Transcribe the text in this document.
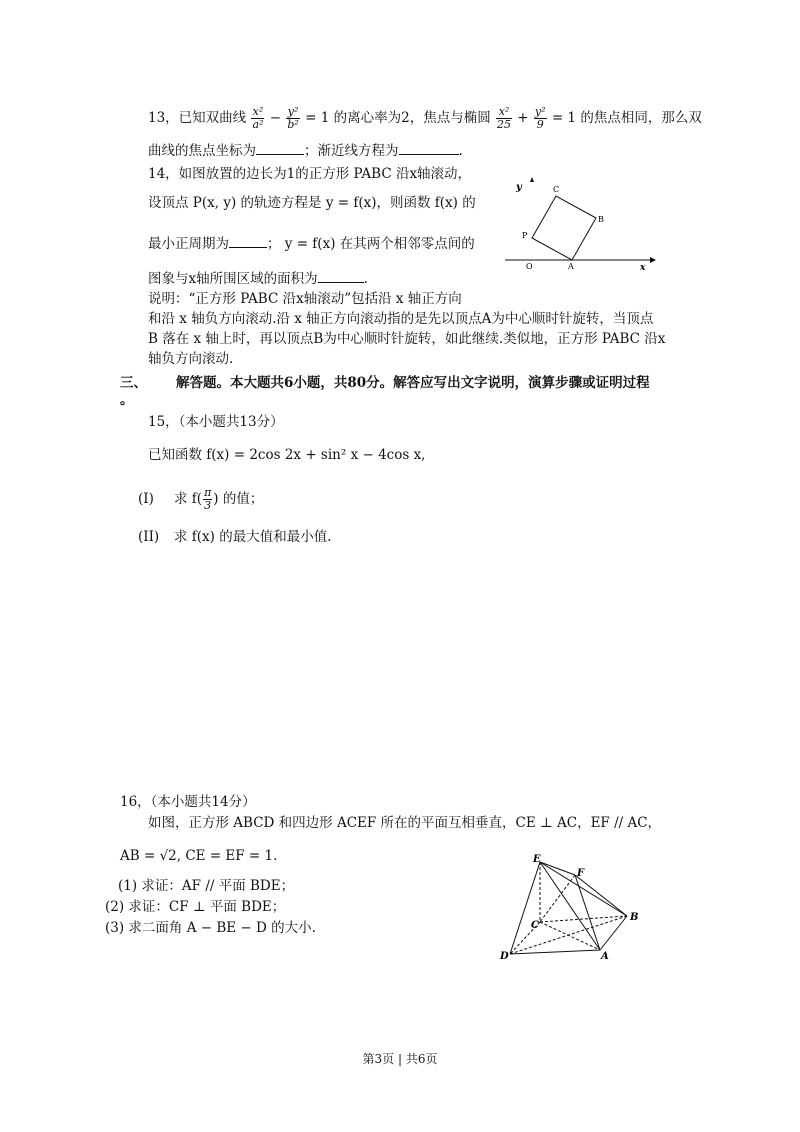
13，已知双曲线 $\frac{\text{x²}}{\text{a²}} - \frac{\text{y²}}{\text{b²}} = 1$ 的离心率为2，焦点与椭圆 $\frac{\text{x²}}{25} + \frac{\text{y²}}{9} = 1$ 的焦点相同，那么双
曲线的焦点坐标为	；渐近线方程为	.
14，如图放置的边长为1的正方形 PABC 沿x轴滚动，
设顶点 P(x, y) 的轨迹方程是 y = f(x)，则函数 f(x) 的
最小正周期为	； y = f(x) 在其两个相邻零点间的
图象与x轴所围区域的面积为	.
说明：“正方形 PABC 沿x轴滚动”包括沿 x 轴正方向
和沿 x 轴负方向滚动.沿 x 轴正方向滚动指的是先以顶点A为中心顺时针旋转，当顶点
B 落在 x 轴上时，再以顶点B为中心顺时针旋转，如此继续.类似地，正方形 PABC 沿x
轴负方向滚动.
y
x
O	A
B
C
P
三、 解答题。本大题共6小题，共80分。解答应写出文字说明，演算步骤或证明过程
。
15，（本小题共13分）
已知函数 f(x) = 2cos 2x + sin² x − 4cos x,
(I) 求 $f( \frac{\pi}{3}$ ) 的值；
(II) 求 f(x) 的最大值和最小值.
16，（本小题共14分）
如图，正方形 ABCD 和四边形 ACEF 所在的平面互相垂直，CE ⊥ AC，EF // AC，
AB = √2, CE = EF = 1.
(1) 求证：AF // 平面 BDE；
(2) 求证：CF ⊥ 平面 BDE；
(3) 求二面角 A − BE − D 的大小.
E
F
B
C
D	A
第3页 | 共6页
